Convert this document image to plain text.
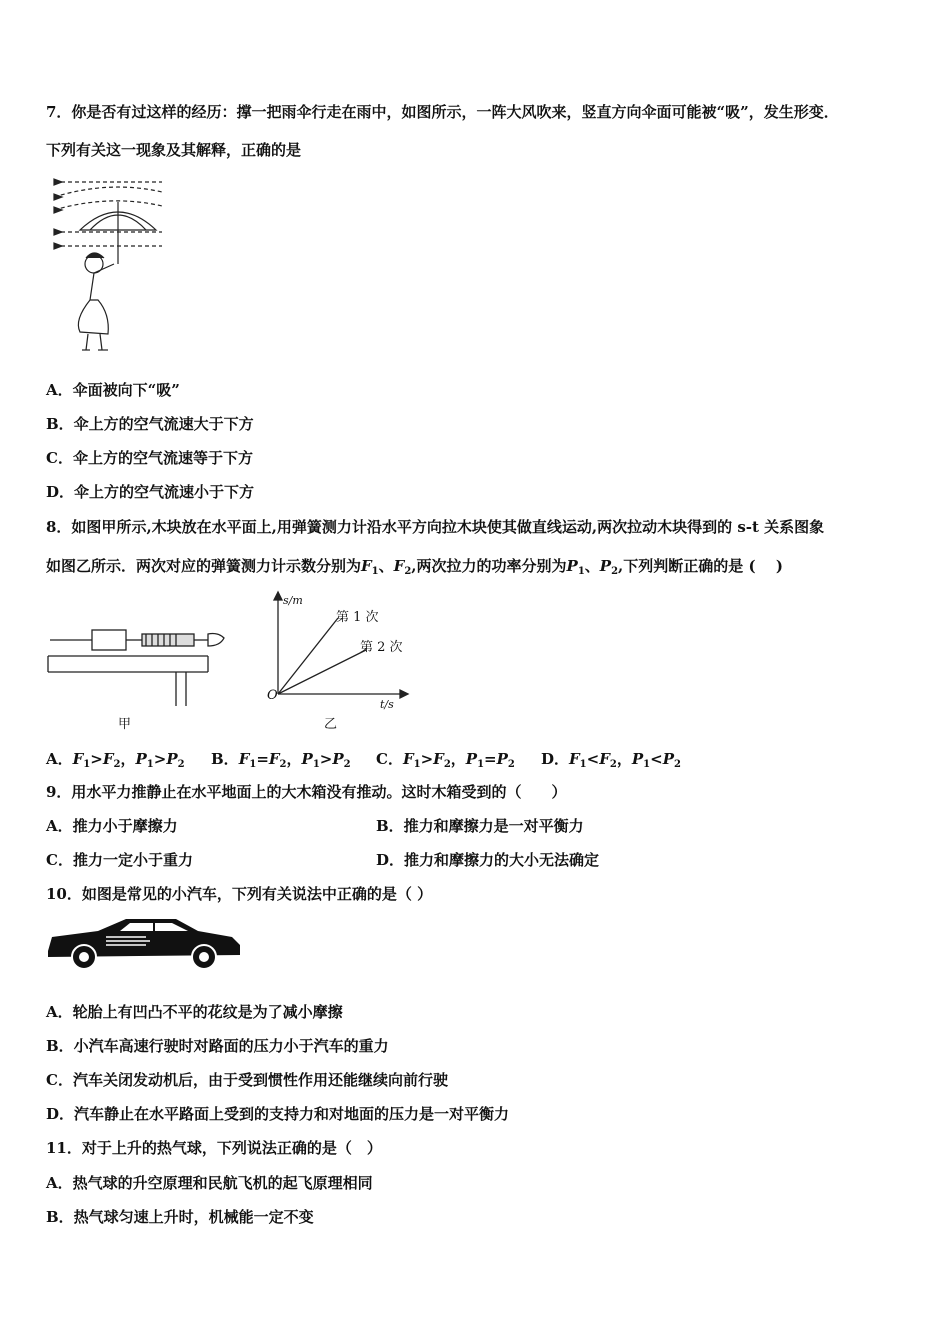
7．你是否有过这样的经历：撑一把雨伞行走在雨中，如图所示，一阵大风吹来，竖直方向伞面可能被“吸”，发生形变．
下列有关这一现象及其解释，正确的是
A．伞面被向下“吸”
B．伞上方的空气流速大于下方
C．伞上方的空气流速等于下方
D．伞上方的空气流速小于下方
8．如图甲所示,木块放在水平面上,用弹簧测力计沿水平方向拉木块使其做直线运动,两次拉动木块得到的 s-t 关系图象
如图乙所示．两次对应的弹簧测力计示数分别为$F_1$、$F_2$,两次拉力的功率分别为$P_1$、$P_2$,下列判断正确的是 (　 )
甲
s/m
O
t/s
第 1 次
第 2 次
乙
A．$F_1>F_2$，$P_1>P_2$ B．$F_1=F_2$，$P_1>P_2$ C．$F_1>F_2$，$P_1=P_2$ D．$F_1<F_2$，$P_1<P_2$
9．用水平力推静止在水平地面上的大木箱没有推动。这时木箱受到的（　　）
A．推力小于摩擦力	B．推力和摩擦力是一对平衡力
C．推力一定小于重力	D．推力和摩擦力的大小无法确定
10．如图是常见的小汽车，下列有关说法中正确的是（ ）
A．轮胎上有凹凸不平的花纹是为了减小摩擦
B．小汽车高速行驶时对路面的压力小于汽车的重力
C．汽车关闭发动机后，由于受到惯性作用还能继续向前行驶
D．汽车静止在水平路面上受到的支持力和对地面的压力是一对平衡力
11．对于上升的热气球，下列说法正确的是（　）
A．热气球的升空原理和民航飞机的起飞原理相同
B．热气球匀速上升时，机械能一定不变
